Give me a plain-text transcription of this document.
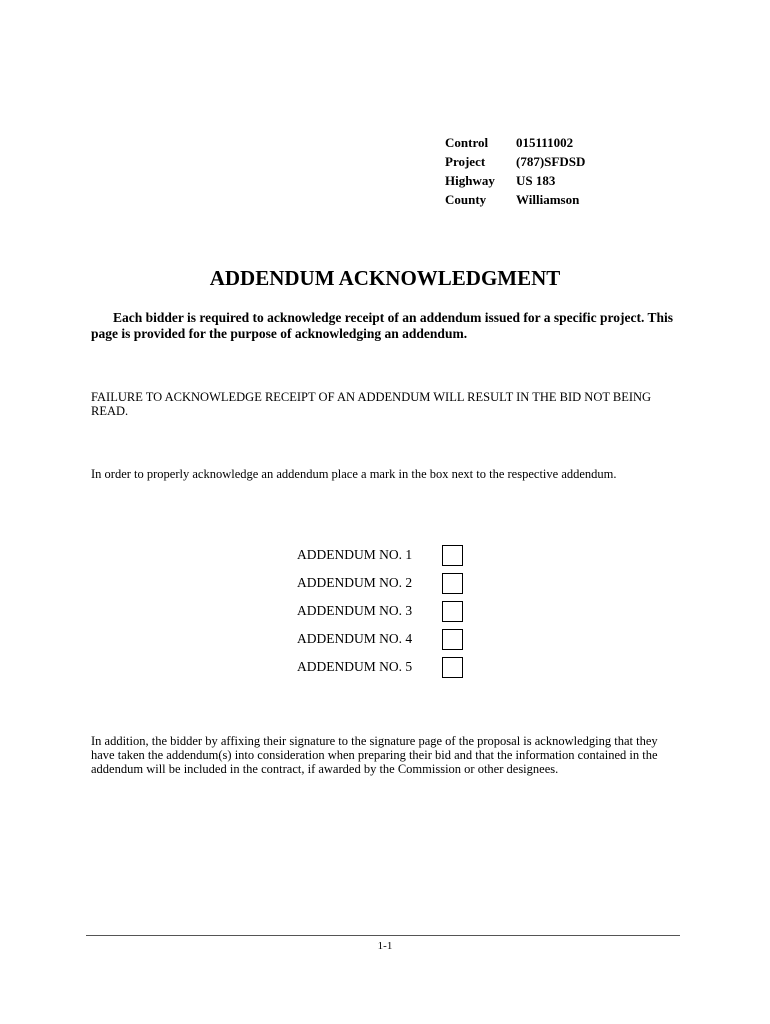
Control	015111002
Project	(787)SFDSD
Highway	US 183
County	Williamson
ADDENDUM ACKNOWLEDGMENT

Each bidder is required to acknowledge receipt of an addendum issued for a specific project. This page is provided for the purpose of acknowledging an addendum.

FAILURE TO ACKNOWLEDGE RECEIPT OF AN ADDENDUM WILL RESULT IN THE BID NOT BEING READ.

In order to properly acknowledge an addendum place a mark in the box next to the respective addendum.

ADDENDUM NO. 1
ADDENDUM NO. 2
ADDENDUM NO. 3
ADDENDUM NO. 4
ADDENDUM NO. 5

In addition, the bidder by affixing their signature to the signature page of the proposal is acknowledging that they have taken the addendum(s) into consideration when preparing their bid and that the information contained in the addendum will be included in the contract, if awarded by the Commission or other designees.

1-1
